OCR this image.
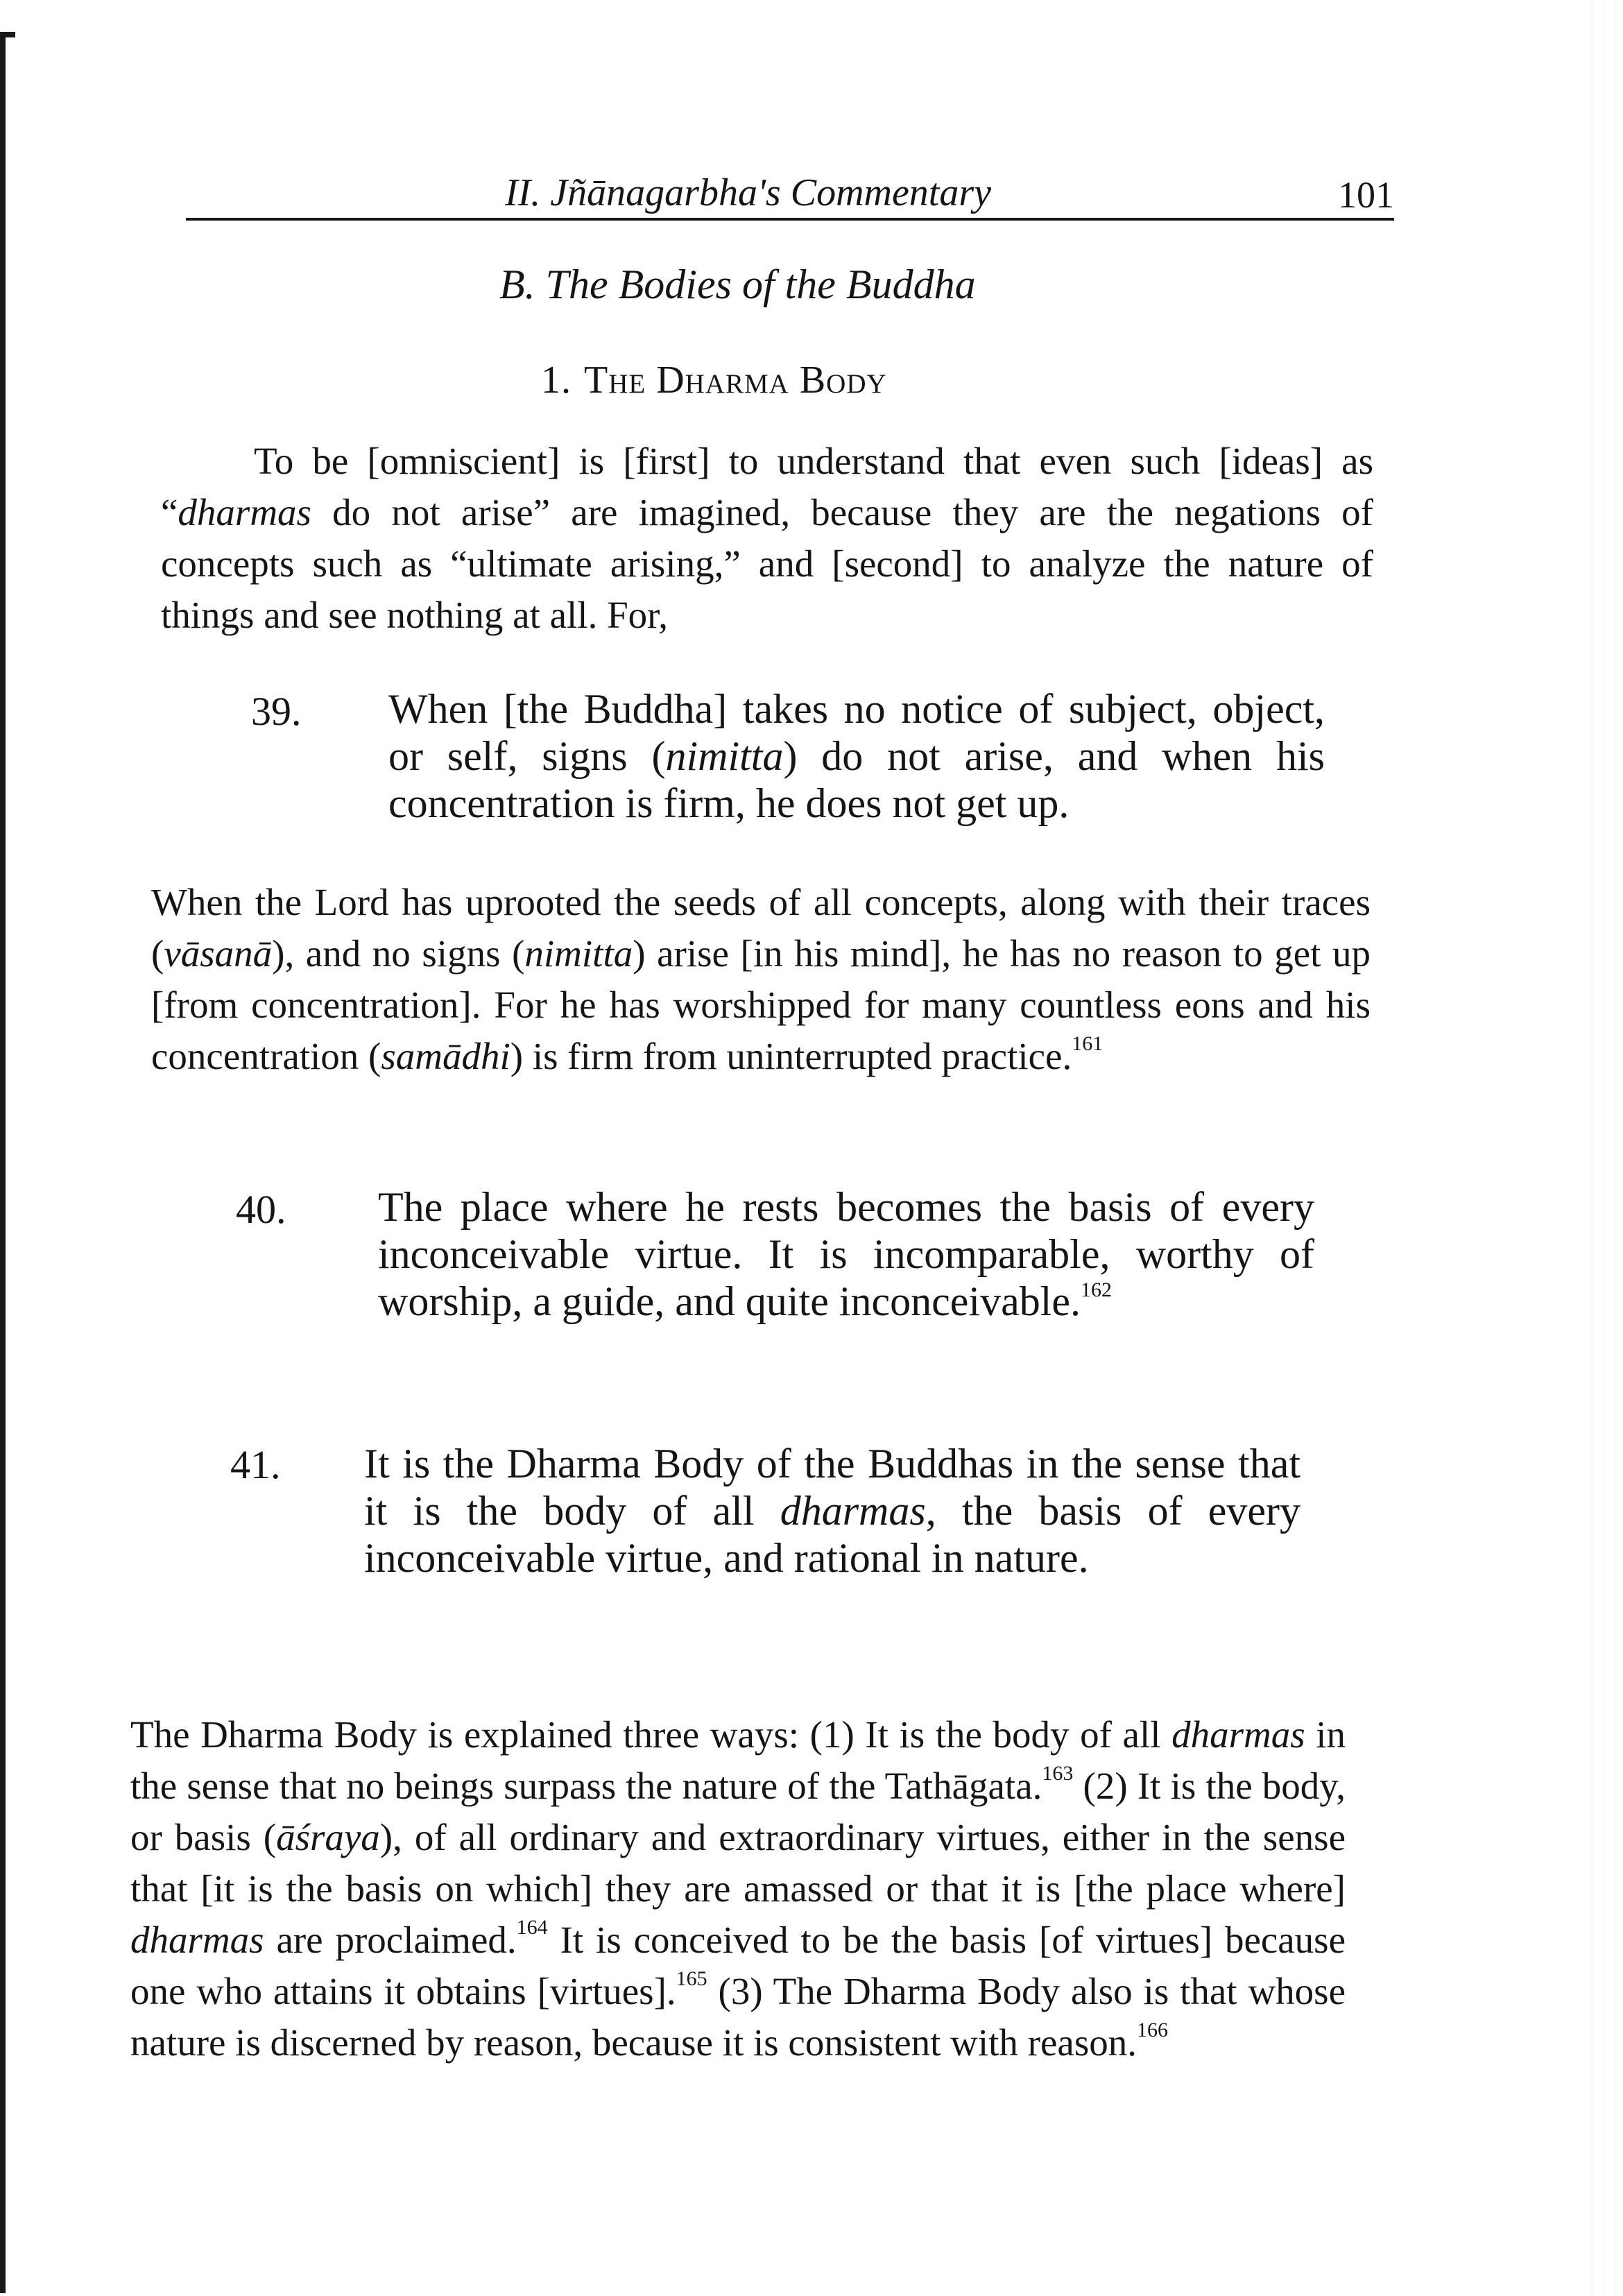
II. Jñānagarbha's Commentary	101
B. The Bodies of the Buddha
1. The Dharma Body

To be [omniscient] is [first] to understand that even such [ideas] as “dharmas do not arise” are imagined, because they are the negations of concepts such as “ultimate arising,” and [second] to analyze the nature of things and see nothing at all. For,

39. When [the Buddha] takes no notice of subject, object, or self, signs (nimitta) do not arise, and when his concentration is firm, he does not get up.

When the Lord has uprooted the seeds of all concepts, along with their traces (vāsanā), and no signs (nimitta) arise [in his mind], he has no reason to get up [from concentration]. For he has worshipped for many countless eons and his concentration (samādhi) is firm from uninterrupted practice.$^{161}$

40. The place where he rests becomes the basis of every inconceivable virtue. It is incomparable, worthy of worship, a guide, and quite inconceivable.$^{162}$

41. It is the Dharma Body of the Buddhas in the sense that it is the body of all dharmas, the basis of every inconceivable virtue, and rational in nature.

The Dharma Body is explained three ways: (1) It is the body of all dharmas in the sense that no beings surpass the nature of the Tathāgata.$^{163}$ (2) It is the body, or basis (āśraya), of all ordinary and extraordinary virtues, either in the sense that [it is the basis on which] they are amassed or that it is [the place where] dharmas are proclaimed.$^{164}$ It is conceived to be the basis [of virtues] because one who attains it obtains [virtues].$^{165}$ (3) The Dharma Body also is that whose nature is discerned by reason, because it is consistent with reason.$^{166}$
